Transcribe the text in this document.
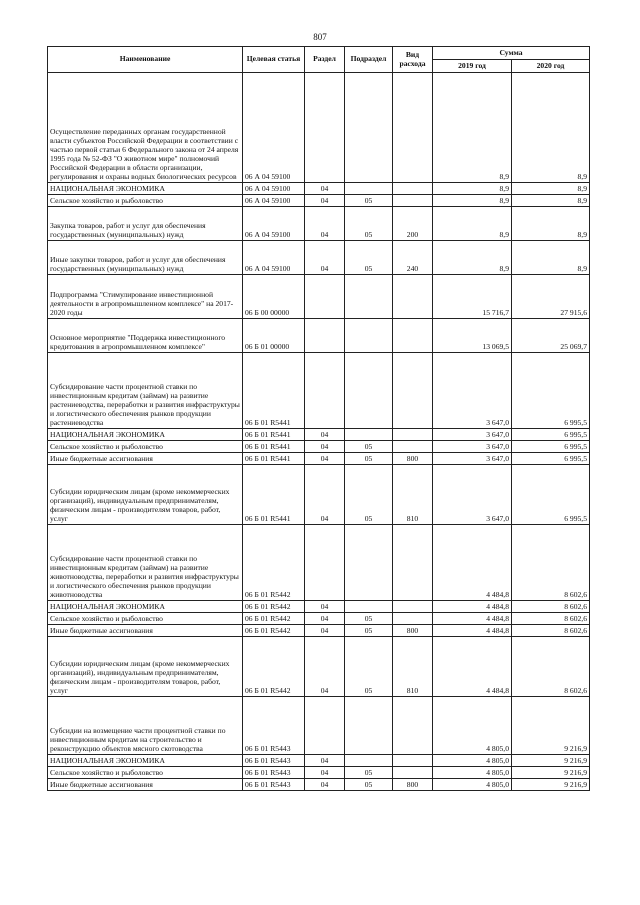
807
Наименование	Целевая статья	Раздел	Подраздел	Вид расхода	Сумма	
					2019 год	2020 год
Осуществление переданных органам государственной власти субъектов Российской Федерации в соответствии с частью первой статьи 6 Федерального закона от 24 апреля 1995 года № 52-ФЗ "О животном мире" полномочий Российской Федерации в области организации, регулирования и охраны водных биологических ресурсов	06 А 04 59100				8,9	8,9
НАЦИОНАЛЬНАЯ ЭКОНОМИКА	06 А 04 59100	04			8,9	8,9
Сельское хозяйство и рыболовство	06 А 04 59100	04	05		8,9	8,9
Закупка товаров, работ и услуг для обеспечения государственных (муниципальных) нужд	06 А 04 59100	04	05	200	8,9	8,9
Иные закупки товаров, работ и услуг для обеспечения государственных (муниципальных) нужд	06 А 04 59100	04	05	240	8,9	8,9
Подпрограмма "Стимулирование инвестиционной деятельности в агропромышленном комплексе" на 2017-2020 годы	06 Б 00 00000				15 716,7	27 915,6
Основное мероприятие "Поддержка инвестиционного кредитования в агропромышленном комплексе"	06 Б 01 00000				13 069,5	25 069,7
Субсидирование части процентной ставки по инвестиционным кредитам (займам) на развитие растениеводства, переработки и развития инфраструктуры и логистического обеспечения рынков продукции растениеводства	06 Б 01 R5441				3 647,0	6 995,5
НАЦИОНАЛЬНАЯ ЭКОНОМИКА	06 Б 01 R5441	04			3 647,0	6 995,5
Сельское хозяйство и рыболовство	06 Б 01 R5441	04	05		3 647,0	6 995,5
Иные бюджетные ассигнования	06 Б 01 R5441	04	05	800	3 647,0	6 995,5
Субсидии юридическим лицам (кроме некоммерческих организаций), индивидуальным предпринимателям, физическим лицам - производителям товаров, работ, услуг	06 Б 01 R5441	04	05	810	3 647,0	6 995,5
Субсидирование части процентной ставки по инвестиционным кредитам (займам) на развитие животноводства, переработки и развития инфраструктуры и логистического обеспечения рынков продукции животноводства	06 Б 01 R5442				4 484,8	8 602,6
НАЦИОНАЛЬНАЯ ЭКОНОМИКА	06 Б 01 R5442	04			4 484,8	8 602,6
Сельское хозяйство и рыболовство	06 Б 01 R5442	04	05		4 484,8	8 602,6
Иные бюджетные ассигнования	06 Б 01 R5442	04	05	800	4 484,8	8 602,6
Субсидии юридическим лицам (кроме некоммерческих организаций), индивидуальным предпринимателям, физическим лицам - производителям товаров, работ, услуг	06 Б 01 R5442	04	05	810	4 484,8	8 602,6
Субсидии на возмещение части процентной ставки по инвестиционным кредитам на строительство и реконструкцию объектов мясного скотоводства	06 Б 01 R5443				4 805,0	9 216,9
НАЦИОНАЛЬНАЯ ЭКОНОМИКА	06 Б 01 R5443	04			4 805,0	9 216,9
Сельское хозяйство и рыболовство	06 Б 01 R5443	04	05		4 805,0	9 216,9
Иные бюджетные ассигнования	06 Б 01 R5443	04	05	800	4 805,0	9 216,9
